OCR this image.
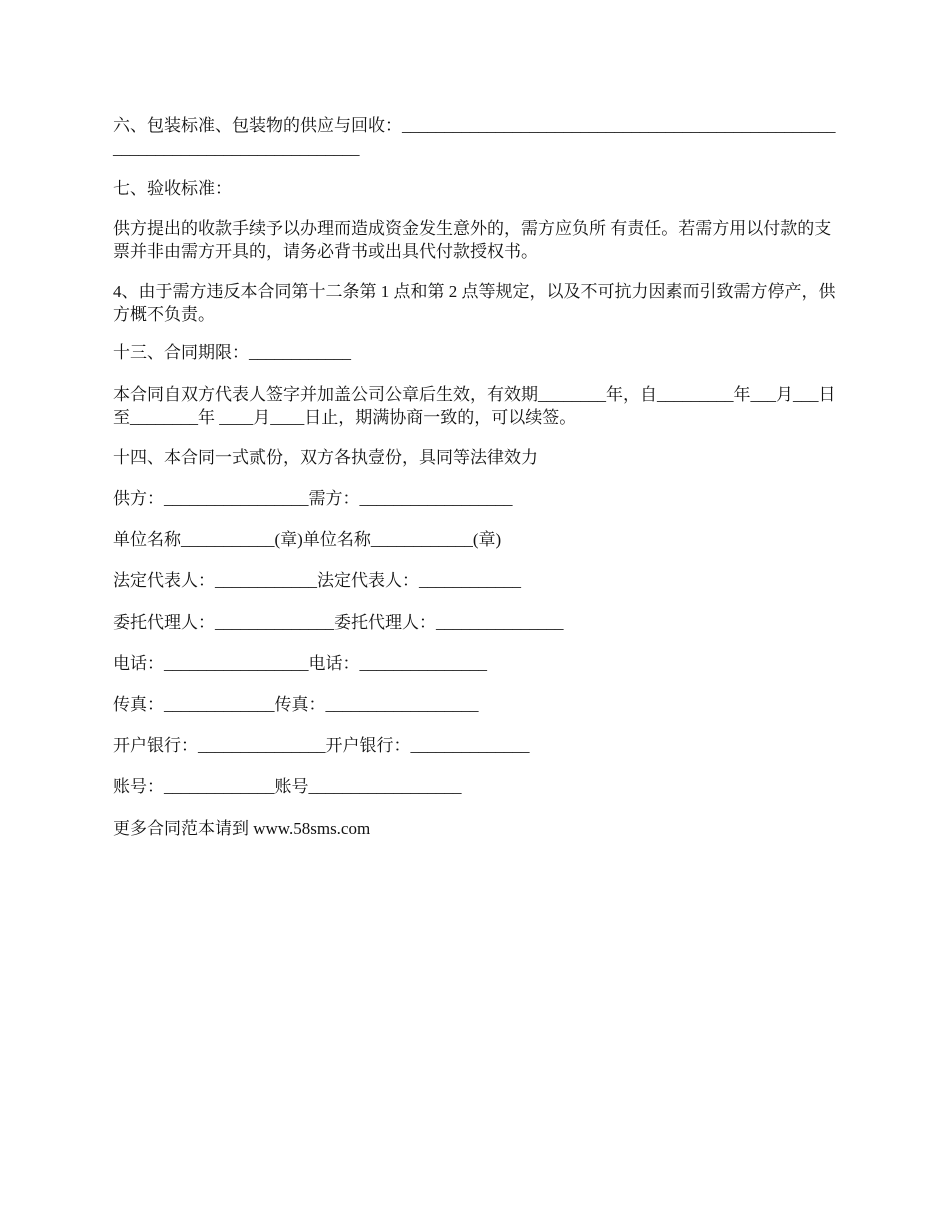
六、包装标准、包装物的供应与回收：________________________________________________________________________________

七、验收标准：

供方提出的收款手续予以办理而造成资金发生意外的，需方应负所 有责任。若需方用以付款的支票并非由需方开具的，请务必背书或出具代付款授权书。

4、由于需方违反本合同第十二条第 1 点和第 2 点等规定，以及不可抗力因素而引致需方停产，供方概不负责。

十三、合同期限：____________

本合同自双方代表人签字并加盖公司公章后生效，有效期________年，自_________年___月___日至________年 ____月____日止，期满协商一致的，可以续签。

十四、本合同一式贰份，双方各执壹份，具同等法律效力

供方：_________________需方：__________________

单位名称___________(章)单位名称____________(章)

法定代表人：____________法定代表人：____________

委托代理人：______________委托代理人：_______________

电话：_________________电话：_______________

传真：_____________传真：__________________

开户银行：_______________开户银行：______________

账号：_____________账号__________________

更多合同范本请到 www.58sms.com
